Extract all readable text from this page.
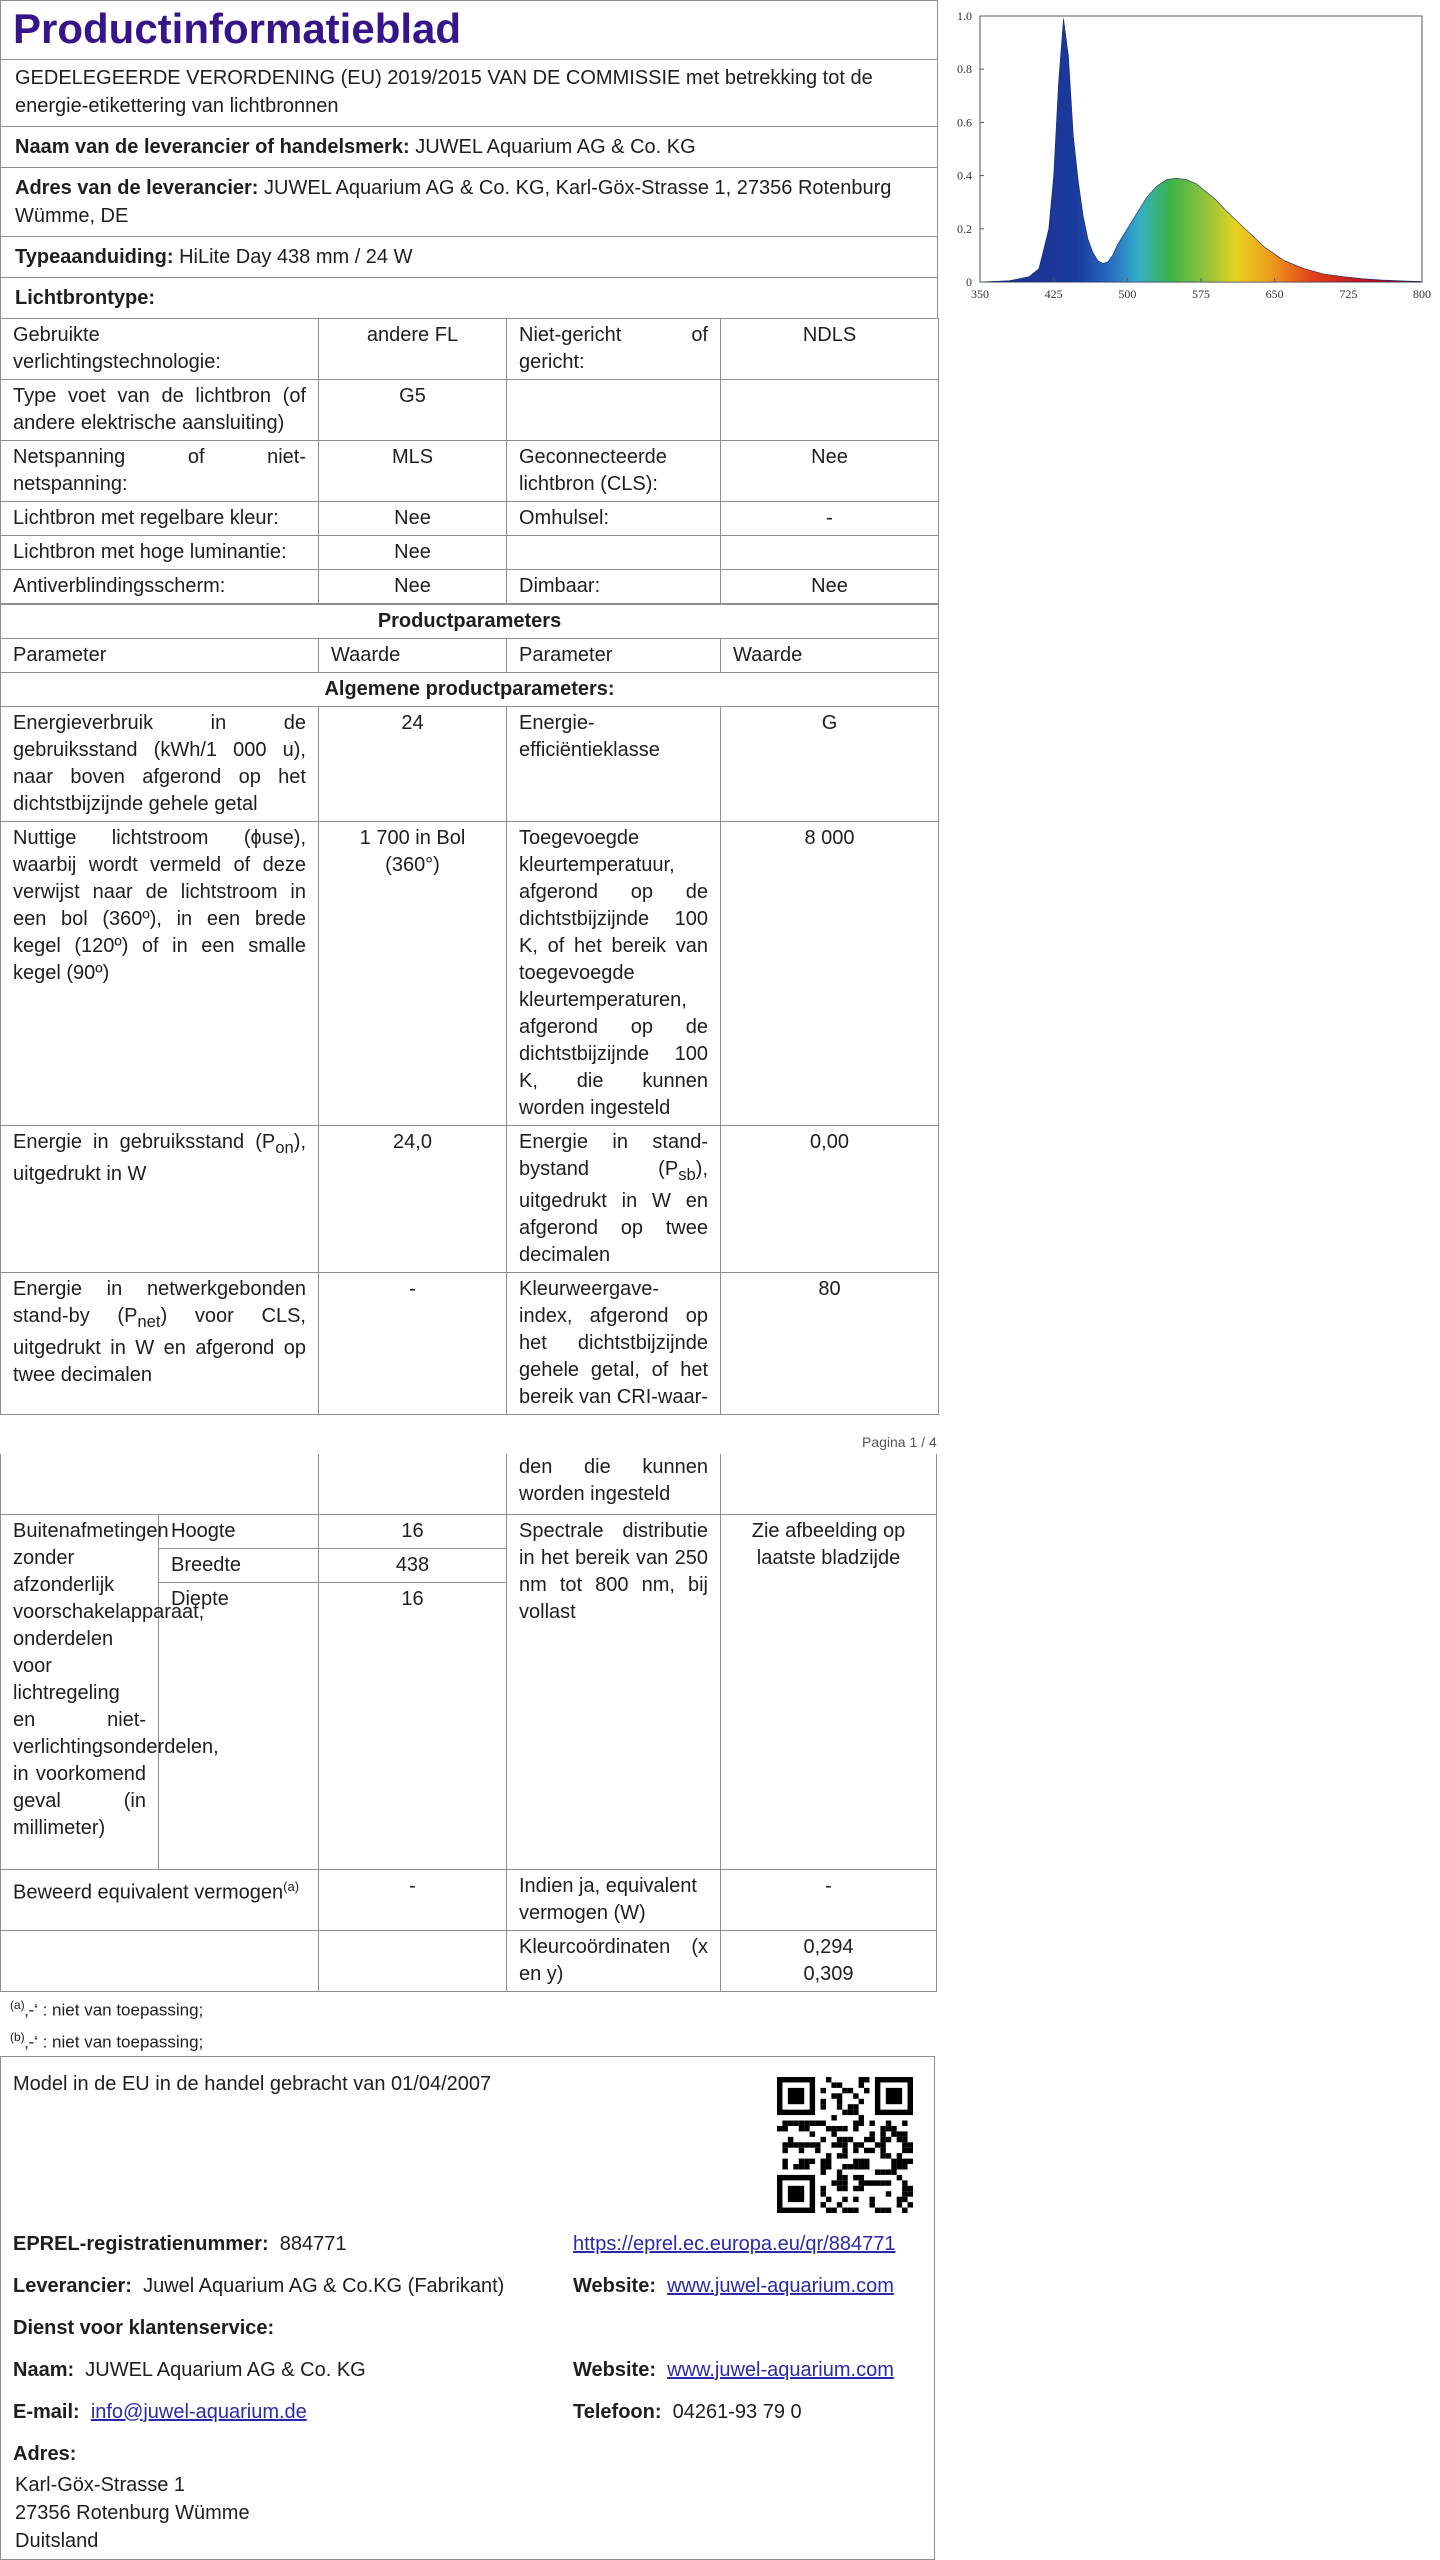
Productinformatieblad
GEDELEGEERDE VERORDENING (EU) 2019/2015 VAN DE COMMISSIE met betrekking tot de energie-etikettering van lichtbronnen
Naam van de leverancier of handelsmerk: JUWEL Aquarium AG & Co. KG
Adres van de leverancier: JUWEL Aquarium AG & Co. KG, Karl-Göx-Strasse 1, 27356 Rotenburg Wümme, DE
Typeaanduiding: HiLite Day 438 mm / 24 W
Lichtbrontype:
Gebruikte verlichtingstechnologie:	andere FL	Niet-gericht of gericht:	NDLS
Type voet van de lichtbron (of andere elektrische aansluiting)	G5		
Netspanning of niet-netspanning:	MLS	Geconnecteerde lichtbron (CLS):	Nee
Lichtbron met regelbare kleur:	Nee	Omhulsel:	-
Lichtbron met hoge luminantie:	Nee		
Antiverblindingsscherm:	Nee	Dimbaar:	Nee
Productparameters			
Parameter	Waarde	Parameter	Waarde
Algemene productparameters:			
Energieverbruik in de gebruiksstand (kWh/1 000 u), naar boven afgerond op het dichtstbijzijnde gehele getal	24	Energie-efficiëntieklasse	G
Nuttige lichtstroom (ɸuse), waarbij wordt vermeld of deze verwijst naar de lichtstroom in een bol (360º), in een brede kegel (120º) of in een smalle kegel (90º)	1 700 in Bol (360°)	Toegevoegde kleurtemperatuur, afgerond op de dichtstbijzijnde 100 K, of het bereik van toegevoegde kleurtemperaturen, afgerond op de dichtstbijzijnde 100 K, die kunnen worden ingesteld	8 000
Energie in gebruiksstand $(P_{on})$, uitgedrukt in W	24,0	Energie in stand-bystand $(P_{sb})$, uitgedrukt in W en afgerond op twee decimalen	0,00
Energie in netwerkgebonden stand-by $(P_{net})$ voor CLS, uitgedrukt in W en afgerond op twee decimalen	-	Kleurweergave-index, afgerond op het dichtstbijzijnde gehele getal, of het bereik van CRI-waar-	80
Pagina 1 / 4
			den die kunnen worden ingesteld	
Buitenafmetingen zonder afzonderlijk voorschakelapparaat, onderdelen voor lichtregeling en niet-verlichtingsonderdelen, in voorkomend geval (in millimeter)	Hoogte	16	Spectrale distributie in het bereik van 250 nm tot 800 nm, bij vollast	Zie afbeelding op laatste bladzijde
	Breedte	438		
	Diepte	16		
Beweerd equivalent vermogen$^{(a)}$		-	Indien ja, equivalent vermogen (W)	-
			Kleurcoördinaten (x en y)	0,294
0,309
$^{(a)}$‚-‘ : niet van toepassing;
$^{(b)}$‚-‘ : niet van toepassing;
Model in de EU in de handel gebracht van 01/04/2007
EPREL-registratienummer: 884771	https://eprel.ec.europa.eu/qr/884771
Leverancier: Juwel Aquarium AG & Co.KG (Fabrikant)	Website: www.juwel-aquarium.com
Dienst voor klantenservice:
Naam: JUWEL Aquarium AG & Co. KG	Website: www.juwel-aquarium.com
E-mail: info@juwel-aquarium.de	Telefoon: 04261-93 79 0
Adres:
Karl-Göx-Strasse 1
27356 Rotenburg Wümme
Duitsland
350	425	500	575	650	725	800
0
0.2
0.4
0.6
0.8
1.0
